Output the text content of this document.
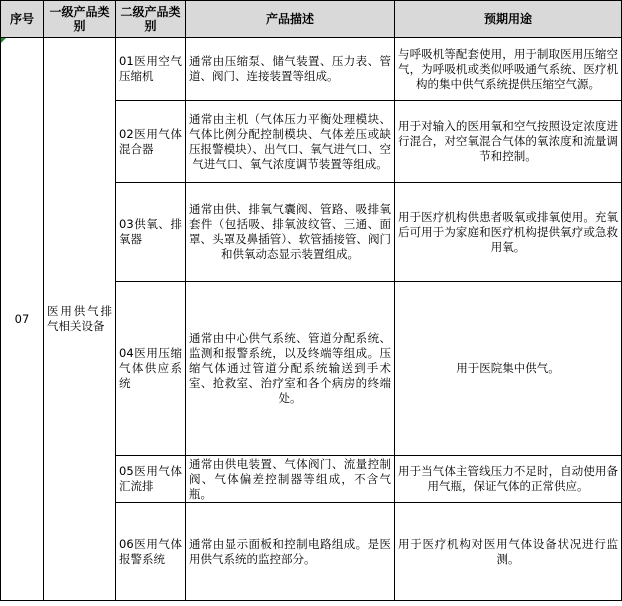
序号	一级产品类别	二级产品类别	产品描述	预期用途
07	医用供气排气相关设备	01医用空气压缩机	通常由压缩泵、储气装置、压力表、管道、阀门、连接装置等组成。	与呼吸机等配套使用，用于制取医用压缩空气，为呼吸机或类似呼吸通气系统、医疗机构的集中供气系统提供压缩空气源。
		02医用气体混合器	通常由主机（气体压力平衡处理模块、气体比例分配控制模块、气体差压或缺压报警模块）、出气口、氧气进气口、空气进气口、氧气浓度调节装置等组成。	用于对输入的医用氧和空气按照设定浓度进行混合，对空氧混合气体的氧浓度和流量调节和控制。
		03供氧、排氧器	通常由供、排氧气囊阀、管路、吸排氧套件（包括吸、排氧波纹管、三通、面罩、头罩及鼻插管）、软管插接管、阀门和供氧动态显示装置组成。	用于医疗机构供患者吸氧或排氧使用。充氧后可用于为家庭和医疗机构提供氧疗或急救用氧。
		04医用压缩气体供应系统	通常由中心供气系统、管道分配系统、监测和报警系统，以及终端等组成。压缩气体通过管道分配系统输送到手术室、抢救室、治疗室和各个病房的终端处。	用于医院集中供气。
		05医用气体汇流排	通常由供电装置、气体阀门、流量控制阀、气体偏差控制器等组成，不含气瓶。	用于当气体主管线压力不足时，自动使用备用气瓶，保证气体的正常供应。
		06医用气体报警系统	通常由显示面板和控制电路组成。是医用供气系统的监控部分。	用于医疗机构对医用气体设备状况进行监测。
